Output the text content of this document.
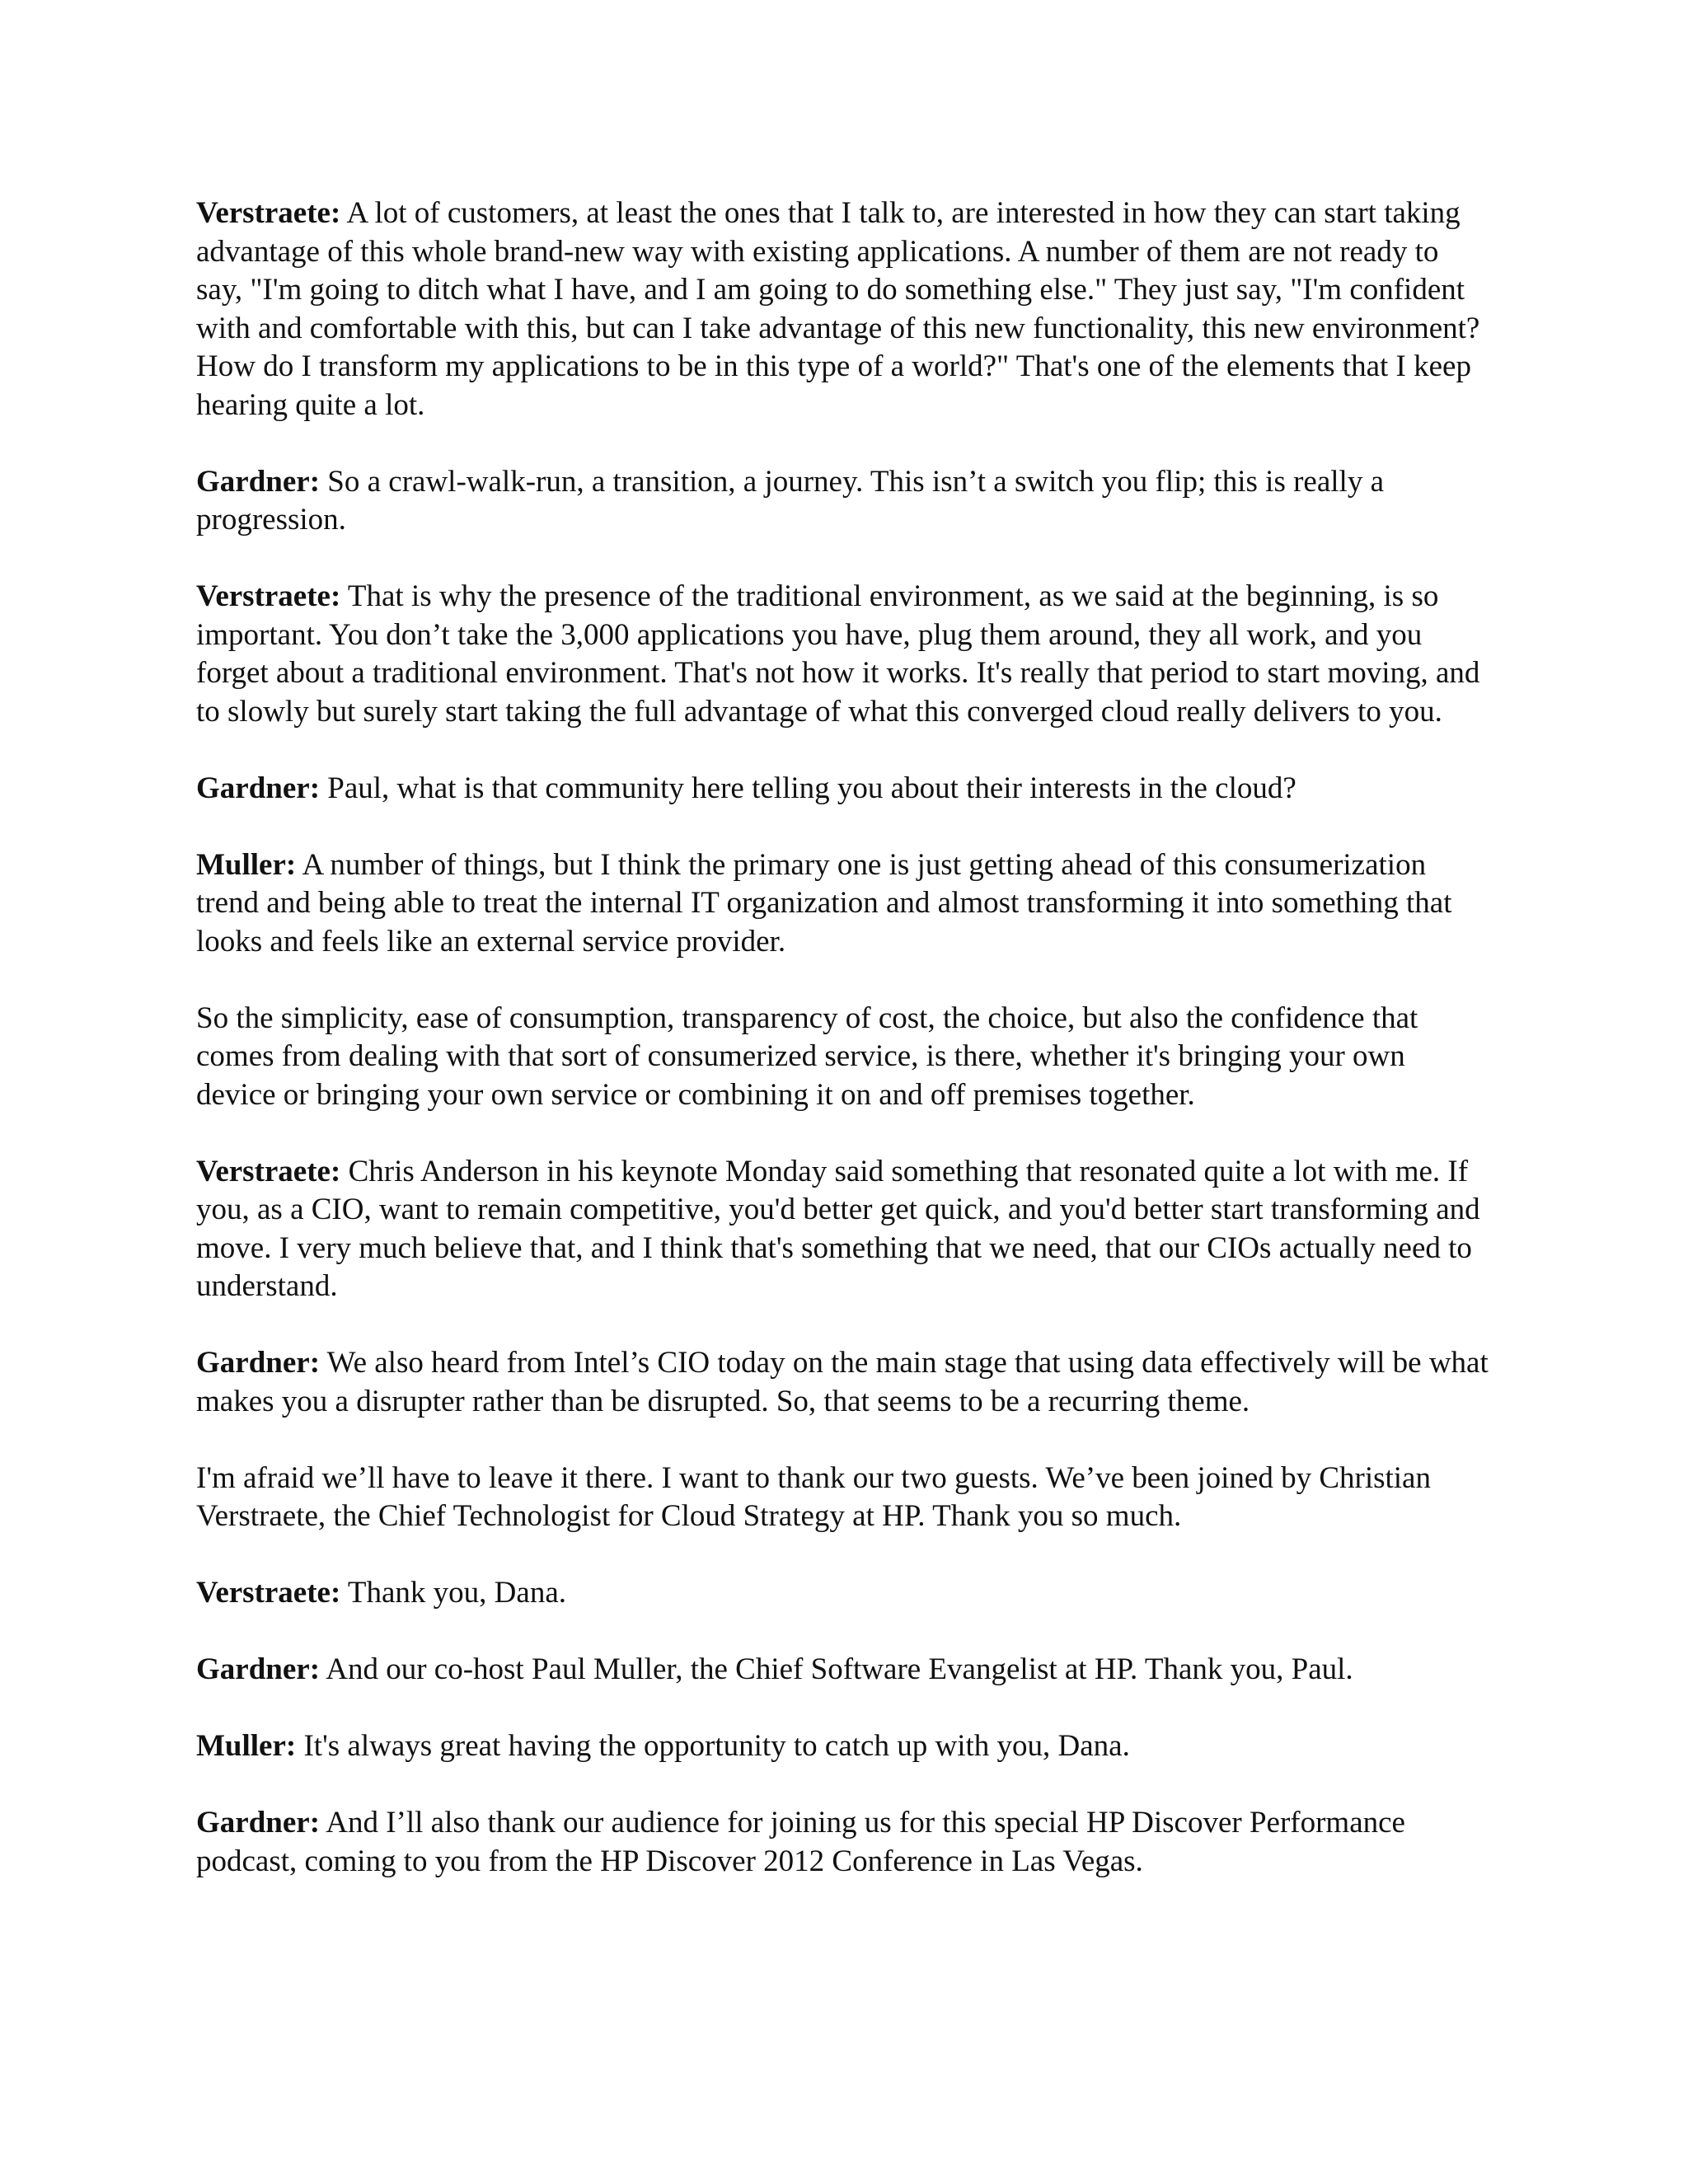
Verstraete: A lot of customers, at least the ones that I talk to, are interested in how they can start taking advantage of this whole brand-new way with existing applications. A number of them are not ready to say, "I'm going to ditch what I have, and I am going to do something else." They just say, "I'm confident with and comfortable with this, but can I take advantage of this new functionality, this new environment? How do I transform my applications to be in this type of a world?" That's one of the elements that I keep hearing quite a lot.

Gardner: So a crawl-walk-run, a transition, a journey. This isn’t a switch you flip; this is really a progression.

Verstraete: That is why the presence of the traditional environment, as we said at the beginning, is so important. You don’t take the 3,000 applications you have, plug them around, they all work, and you forget about a traditional environment. That's not how it works. It's really that period to start moving, and to slowly but surely start taking the full advantage of what this converged cloud really delivers to you.

Gardner: Paul, what is that community here telling you about their interests in the cloud?

Muller: A number of things, but I think the primary one is just getting ahead of this consumerization trend and being able to treat the internal IT organization and almost transforming it into something that looks and feels like an external service provider.

So the simplicity, ease of consumption, transparency of cost, the choice, but also the confidence that comes from dealing with that sort of consumerized service, is there, whether it's bringing your own device or bringing your own service or combining it on and off premises together.

Verstraete: Chris Anderson in his keynote Monday said something that resonated quite a lot with me. If you, as a CIO, want to remain competitive, you'd better get quick, and you'd better start transforming and move. I very much believe that, and I think that's something that we need, that our CIOs actually need to understand.

Gardner: We also heard from Intel’s CIO today on the main stage that using data effectively will be what makes you a disrupter rather than be disrupted. So, that seems to be a recurring theme.

I'm afraid we’ll have to leave it there. I want to thank our two guests. We’ve been joined by Christian Verstraete, the Chief Technologist for Cloud Strategy at HP. Thank you so much.

Verstraete: Thank you, Dana.

Gardner: And our co-host Paul Muller, the Chief Software Evangelist at HP. Thank you, Paul.

Muller: It's always great having the opportunity to catch up with you, Dana.

Gardner: And I’ll also thank our audience for joining us for this special HP Discover Performance podcast, coming to you from the HP Discover 2012 Conference in Las Vegas.
